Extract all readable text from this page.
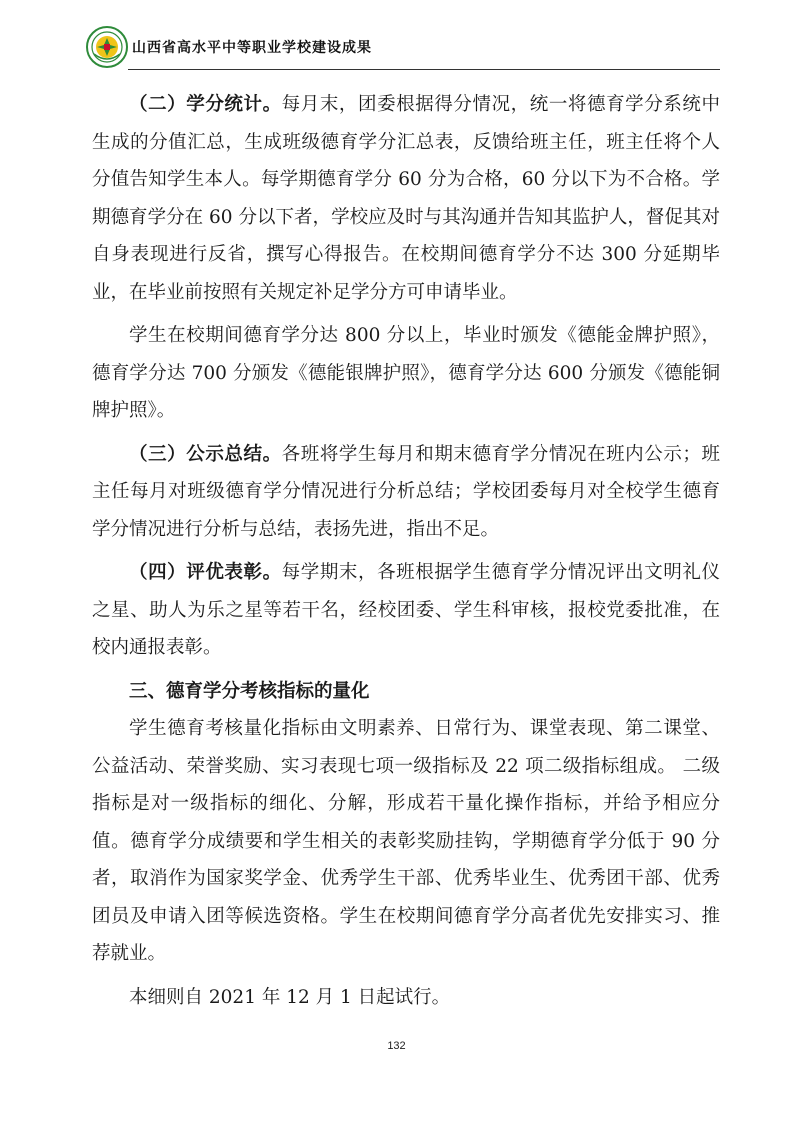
山西省高水平中等职业学校建设成果

（二）学分统计。每月末，团委根据得分情况，统一将德育学分系统中生成的分值汇总，生成班级德育学分汇总表，反馈给班主任，班主任将个人分值告知学生本人。每学期德育学分 60 分为合格，60 分以下为不合格。学期德育学分在 60 分以下者，学校应及时与其沟通并告知其监护人，督促其对自身表现进行反省，撰写心得报告。在校期间德育学分不达 300 分延期毕业，在毕业前按照有关规定补足学分方可申请毕业。

学生在校期间德育学分达 800 分以上，毕业时颁发《德能金牌护照》，德育学分达 700 分颁发《德能银牌护照》，德育学分达 600 分颁发《德能铜牌护照》。

（三）公示总结。各班将学生每月和期末德育学分情况在班内公示；班主任每月对班级德育学分情况进行分析总结；学校团委每月对全校学生德育学分情况进行分析与总结，表扬先进，指出不足。

（四）评优表彰。每学期末，各班根据学生德育学分情况评出文明礼仪之星、助人为乐之星等若干名，经校团委、学生科审核，报校党委批准，在校内通报表彰。

三、德育学分考核指标的量化

学生德育考核量化指标由文明素养、日常行为、课堂表现、第二课堂、公益活动、荣誉奖励、实习表现七项一级指标及 22 项二级指标组成。 二级指标是对一级指标的细化、分解，形成若干量化操作指标，并给予相应分值。德育学分成绩要和学生相关的表彰奖励挂钩，学期德育学分低于 90 分者，取消作为国家奖学金、优秀学生干部、优秀毕业生、优秀团干部、优秀团员及申请入团等候选资格。学生在校期间德育学分高者优先安排实习、推荐就业。

本细则自 2021 年 12 月 1 日起试行。

132
